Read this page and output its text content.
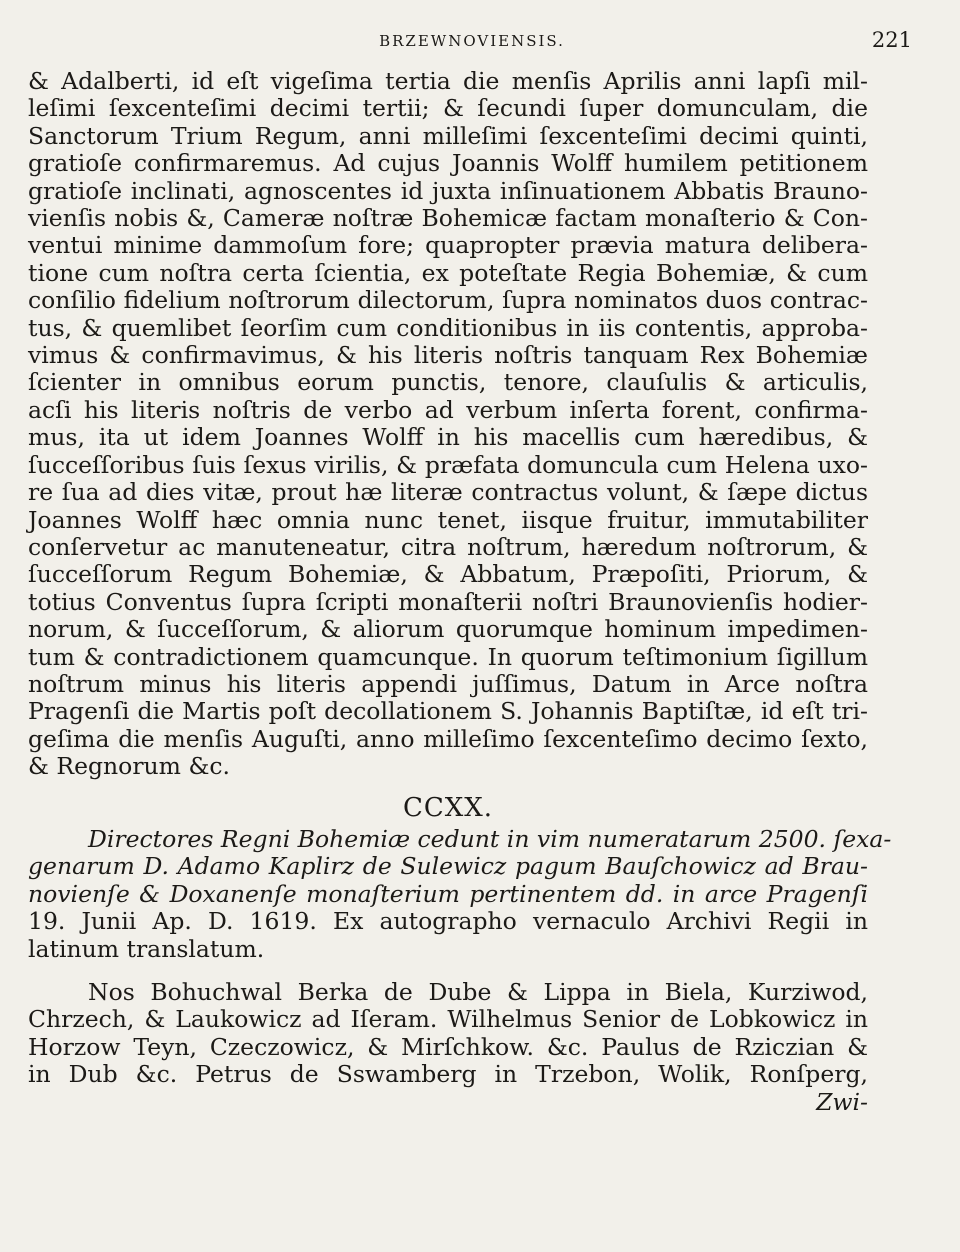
BRZEWNOVIENSIS.	221
& Adalberti, id eſt vigeſima tertia die menſis Aprilis anni lapſi mil-
leſimi ſexcenteſimi decimi tertii; & ſecundi ſuper domunculam, die
Sanctorum Trium Regum, anni milleſimi ſexcenteſimi decimi quinti,
gratioſe confirmaremus. Ad cujus Joannis Wolff humilem petitionem
gratioſe inclinati, agnoscentes id juxta inſinuationem Abbatis Brauno-
vienſis nobis &, Cameræ noſtræ Bohemicæ factam monaſterio & Con-
ventui minime dammoſum fore; quapropter prævia matura delibera-
tione cum noſtra certa ſcientia, ex poteſtate Regia Bohemiæ, & cum
conſilio fidelium noſtrorum dilectorum, ſupra nominatos duos contrac-
tus, & quemlibet ſeorſim cum conditionibus in iis contentis, approba-
vimus & confirmavimus, & his literis noſtris tanquam Rex Bohemiæ
ſcienter in omnibus eorum punctis, tenore, clauſulis & articulis,
acſi his literis noſtris de verbo ad verbum inſerta forent, confirma-
mus, ita ut idem Joannes Wolff in his macellis cum hæredibus, &
ſucceſſoribus ſuis ſexus virilis, & præfata domuncula cum Helena uxo-
re ſua ad dies vitæ, prout hæ literæ contractus volunt, & ſæpe dictus
Joannes Wolff hæc omnia nunc tenet, iisque fruitur, immutabiliter
conſervetur ac manuteneatur, citra noſtrum, hæredum noſtrorum, &
ſucceſſorum Regum Bohemiæ, & Abbatum, Præpoſiti, Priorum, &
totius Conventus ſupra ſcripti monaſterii noſtri Braunovienſis hodier-
norum, & ſucceſſorum, & aliorum quorumque hominum impedimen-
tum & contradictionem quamcunque. In quorum teſtimonium ſigillum
noſtrum minus his literis appendi juſſimus, Datum in Arce noſtra
Pragenſi die Martis poſt decollationem S. Johannis Baptiſtæ, id eſt tri-
geſima die menſis Auguſti, anno milleſimo ſexcenteſimo decimo ſexto,
& Regnorum &c.
CCXX.
Directores Regni Bohemiæ cedunt in vim numeratarum 2500. ſexa-
genarum D. Adamo Kaplirz de Sulewicz pagum Bauſchowicz ad Brau-
novienſe & Doxanenſe monaſterium pertinentem dd. in arce Pragenſi
19. Junii Ap. D. 1619. Ex autographo vernaculo Archivi Regii in
latinum translatum.
Nos Bohuchwal Berka de Dube & Lippa in Biela, Kurziwod,
Chrzech, & Laukowicz ad Iſeram. Wilhelmus Senior de Lobkowicz in
Horzow Teyn, Czeczowicz, & Mirſchkow. &c. Paulus de Rziczian &
in Dub &c. Petrus de Sswamberg in Trzebon, Wolik, Ronſperg,
Zwi-
